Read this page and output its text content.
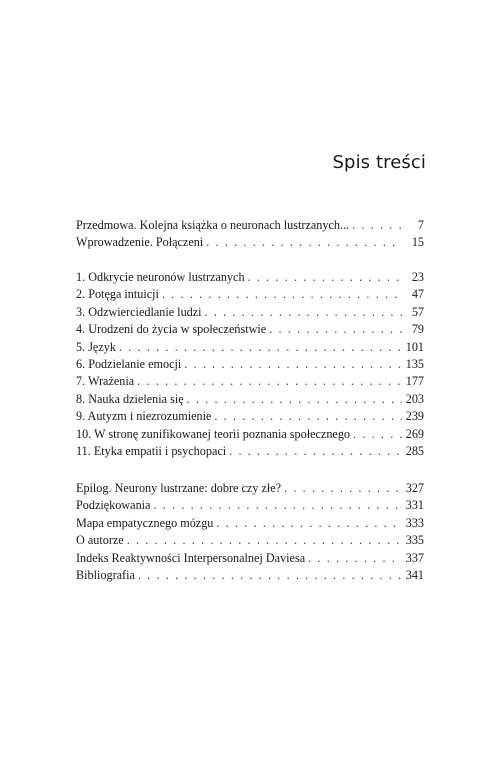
Spis treści
Przedmowa. Kolejna książka o neuronach lustrzanych... . . .	7
Wprowadzenie. Połączeni . . .	15
1. Odkrycie neuronów lustrzanych . . .	23
2. Potęga intuicji . . .	47
3. Odzwierciedlanie ludzi . . .	57
4. Urodzeni do życia w społeczeństwie . . .	79
5. Język . . .	101
6. Podzielanie emocji . . .	135
7. Wrażenia . . .	177
8. Nauka dzielenia się . . .	203
9. Autyzm i niezrozumienie . . .	239
10. W stronę zunifikowanej teorii poznania społecznego . . .	269
11. Etyka empatii i psychopaci . . .	285
Epilog. Neurony lustrzane: dobre czy złe? . . .	327
Podziękowania . . .	331
Mapa empatycznego mózgu . . .	333
O autorze . . .	335
Indeks Reaktywności Interpersonalnej Daviesa . . .	337
Bibliografia . . .	341
